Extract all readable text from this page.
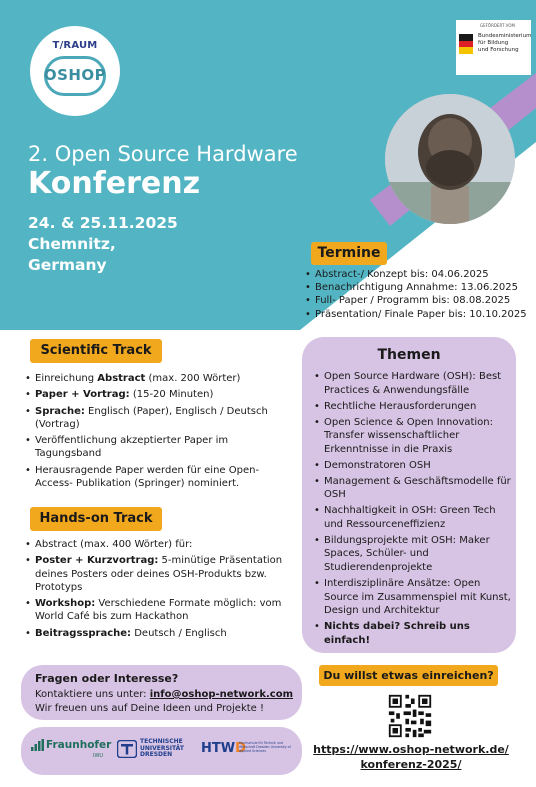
T/RAUM
OSHOP
GEFÖRDERT VOM
Bundesministerium
für Bildung
und Forschung
2. Open Source Hardware
Konferenz
24. & 25.11.2025
Chemnitz,
Germany
Termine
• Abstract-/ Konzept bis: 04.06.2025
• Benachrichtigung Annahme: 13.06.2025
• Full- Paper / Programm bis: 08.08.2025
• Präsentation/ Finale Paper bis: 10.10.2025
Scientific Track
• Einreichung Abstract (max. 200 Wörter)
• Paper + Vortrag: (15-20 Minuten)
• Sprache: Englisch (Paper), Englisch / Deutsch (Vortrag)
• Veröffentlichung akzeptierter Paper im Tagungsband
• Herausragende Paper werden für eine Open-Access- Publikation (Springer) nominiert.
Hands-on Track
• Abstract (max. 400 Wörter) für:
• Poster + Kurzvortrag: 5-minütige Präsentation deines Posters oder deines OSH-Produkts bzw. Prototyps
• Workshop: Verschiedene Formate möglich: vom World Café bis zum Hackathon
• Beitragssprache: Deutsch / Englisch
Themen
• Open Source Hardware (OSH): Best Practices & Anwendungsfälle
• Rechtliche Herausforderungen
• Open Science & Open Innovation: Transfer wissenschaftlicher Erkenntnisse in die Praxis
• Demonstratoren OSH
• Management & Geschäftsmodelle für OSH
• Nachhaltigkeit in OSH: Green Tech und Ressourceneffizienz
• Bildungsprojekte mit OSH: Maker Spaces, Schüler- und Studierendenprojekte
• Interdisziplinäre Ansätze: Open Source im Zusammenspiel mit Kunst, Design und Architektur
• Nichts dabei? Schreib uns einfach!
Fragen oder Interesse?
Kontaktiere uns unter: info@oshop-network.com
Wir freuen uns auf Deine Ideen und Projekte !
Fraunhofer
IWU
TECHNISCHE
UNIVERSITÄT
DRESDEN	HTWD
Hochschule für Technik und Wirtschaft Dresden University of Applied Sciences
Du willst etwas einreichen?
https://www.oshop-network.de/
konferenz-2025/
